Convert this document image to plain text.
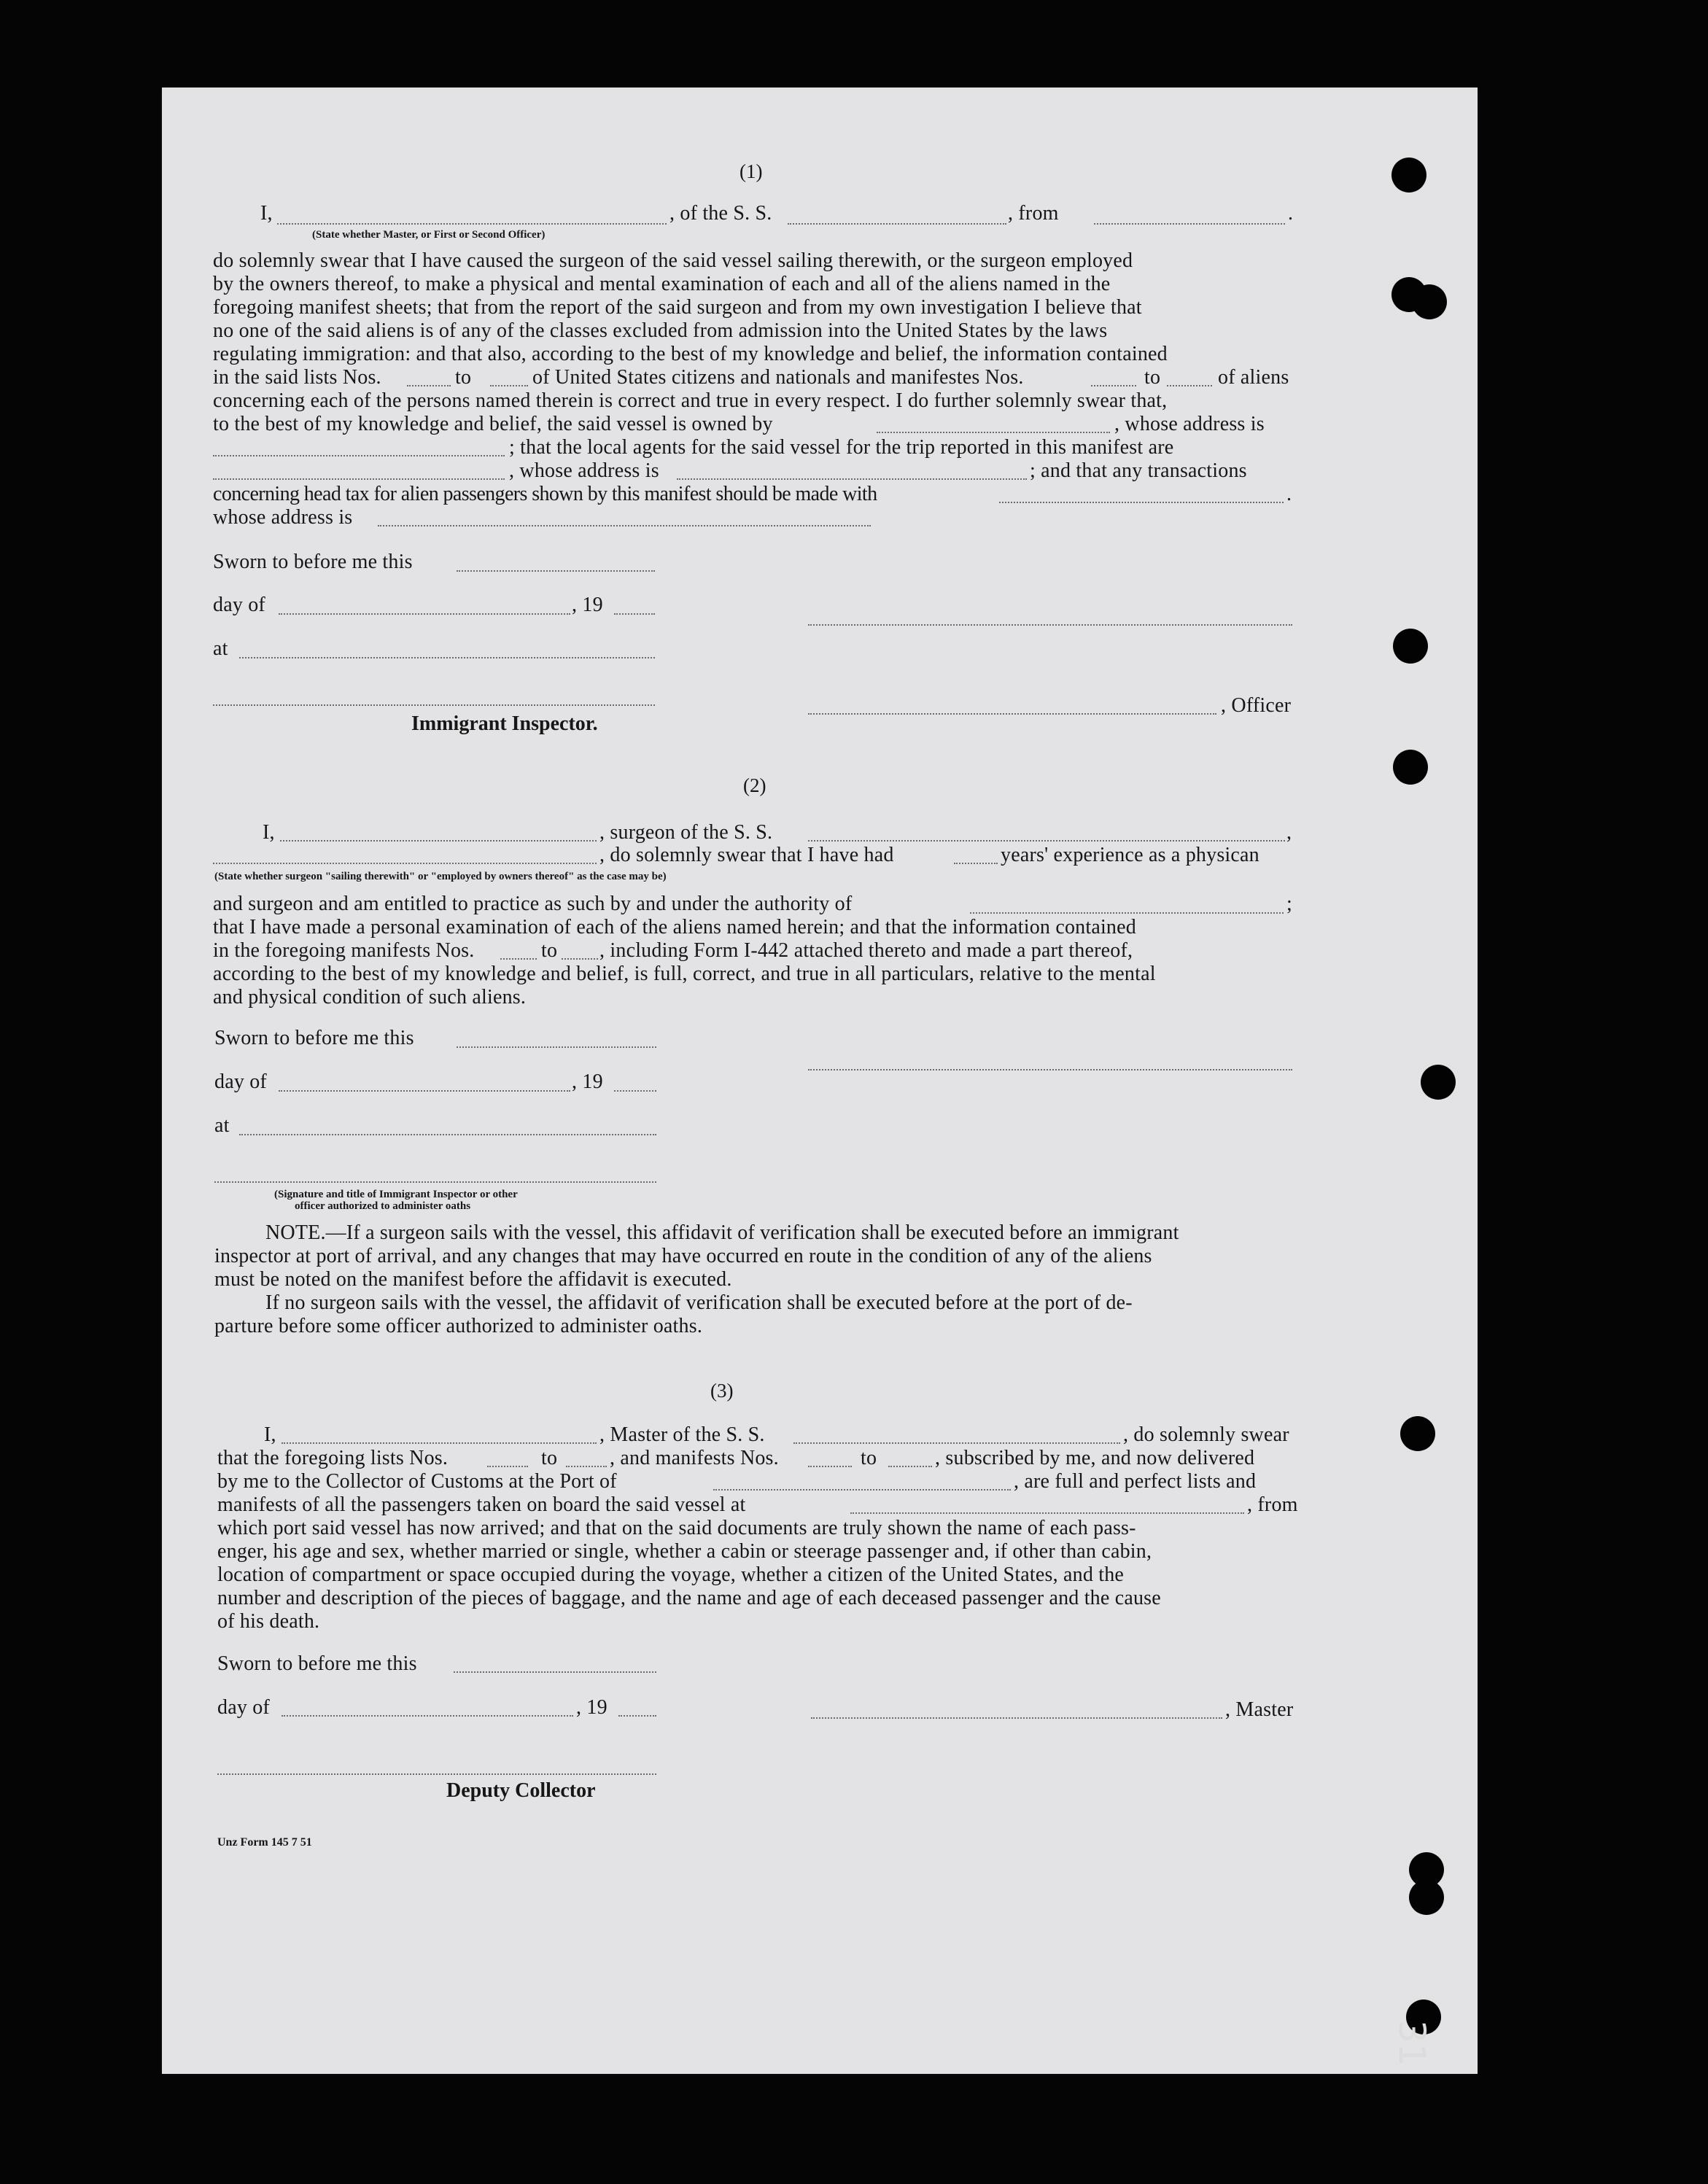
(1)
I,	, of the S. S.	, from	.
(State whether Master, or First or Second Officer)
do solemnly swear that I have caused the surgeon of the said vessel sailing therewith, or the surgeon employed
by the owners thereof, to make a physical and mental examination of each and all of the aliens named in the
foregoing manifest sheets; that from the report of the said surgeon and from my own investigation I believe that
no one of the said aliens is of any of the classes excluded from admission into the United States by the laws
regulating immigration: and that also, according to the best of my knowledge and belief, the information contained
in the said lists Nos.	to	of United States citizens and nationals and manifestes Nos.	to	of aliens
concerning each of the persons named therein is correct and true in every respect. I do further solemnly swear that,
to the best of my knowledge and belief, the said vessel is owned by	, whose address is
; that the local agents for the said vessel for the trip reported in this manifest are
, whose address is	; and that any transactions
concerning head tax for alien passengers shown by this manifest should be made with	.
whose address is
Sworn to before me this
day of	, 19
at
, Officer
Immigrant Inspector.
(2)
I,	, surgeon of the S. S.	,
, do solemnly swear that I have had	years' experience as a physican
(State whether surgeon "sailing therewith" or "employed by owners thereof" as the case may be)
and surgeon and am entitled to practice as such by and under the authority of	;
that I have made a personal examination of each of the aliens named herein; and that the information contained
in the foregoing manifests Nos.	to , including Form I-442 attached thereto and made a part thereof,
according to the best of my knowledge and belief, is full, correct, and true in all particulars, relative to the mental
and physical condition of such aliens.
Sworn to before me this
day of	, 19
at
(Signature and title of Immigrant Inspector or other
officer authorized to administer oaths
NOTE.—If a surgeon sails with the vessel, this affidavit of verification shall be executed before an immigrant
inspector at port of arrival, and any changes that may have occurred en route in the condition of any of the aliens
must be noted on the manifest before the affidavit is executed.
If no surgeon sails with the vessel, the affidavit of verification shall be executed before at the port of de-
parture before some officer authorized to administer oaths.
(3)
I,	, Master of the S. S.	, do solemnly swear
that the foregoing lists Nos.	to	, and manifests Nos.	to	, subscribed by me, and now delivered
by me to the Collector of Customs at the Port of	, are full and perfect lists and
manifests of all the passengers taken on board the said vessel at	, from
which port said vessel has now arrived; and that on the said documents are truly shown the name of each pass-
enger, his age and sex, whether married or single, whether a cabin or steerage passenger and, if other than cabin,
location of compartment or space occupied during the voyage, whether a citizen of the United States, and the
number and description of the pieces of baggage, and the name and age of each deceased passenger and the cause
of his death.
Sworn to before me this
day of	, 19	, Master
Deputy Collector
Unz Form 145 7 51
31
